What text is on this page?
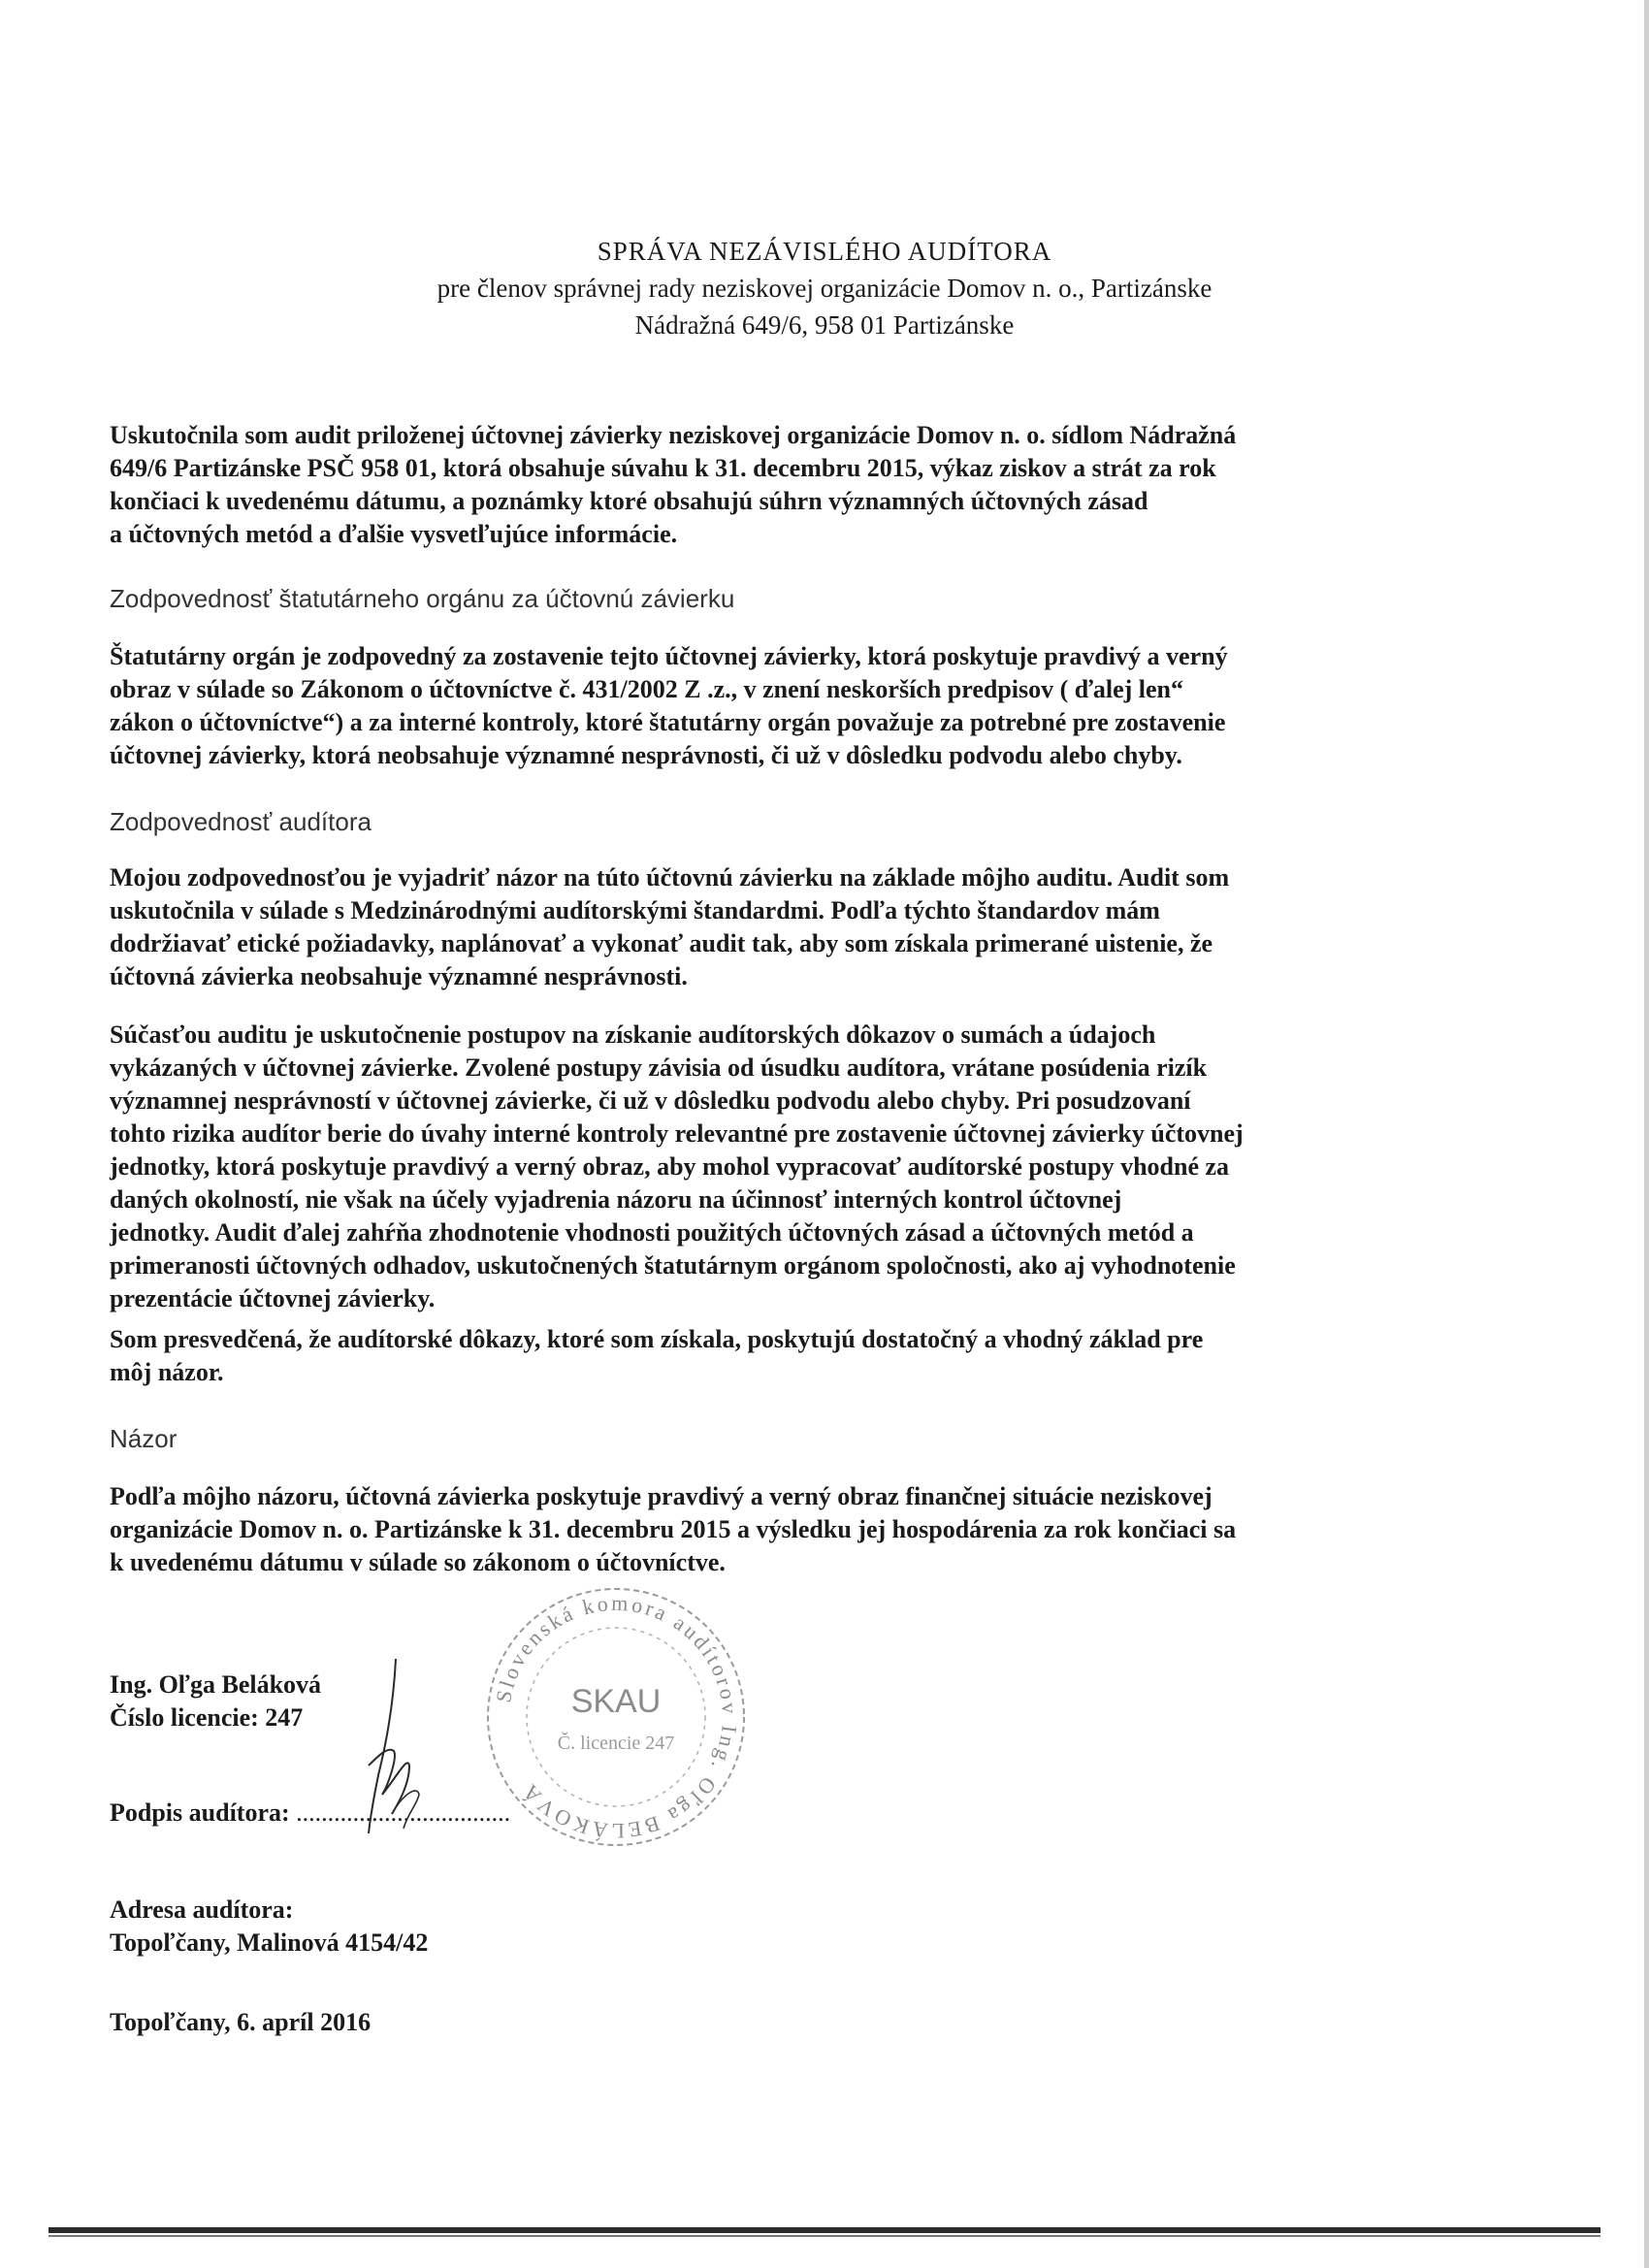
SPRÁVA NEZÁVISLÉHO AUDÍTORA
pre členov správnej rady neziskovej organizácie Domov n. o., Partizánske
Nádražná 649/6, 958 01 Partizánske
Uskutočnila som audit priloženej účtovnej závierky neziskovej organizácie Domov n. o. sídlom Nádražná
649/6 Partizánske PSČ 958 01, ktorá obsahuje súvahu k 31. decembru 2015, výkaz ziskov a strát za rok
končiaci k uvedenému dátumu, a poznámky ktoré obsahujú súhrn významných účtovných zásad
a účtovných metód a ďalšie vysvetľujúce informácie.
Zodpovednosť štatutárneho orgánu za účtovnú závierku
Štatutárny orgán je zodpovedný za zostavenie tejto účtovnej závierky, ktorá poskytuje pravdivý a verný
obraz v súlade so Zákonom o účtovníctve č. 431/2002 Z .z., v znení neskorších predpisov ( ďalej len“
zákon o účtovníctve“) a za interné kontroly, ktoré štatutárny orgán považuje za potrebné pre zostavenie
účtovnej závierky, ktorá neobsahuje významné nesprávnosti, či už v dôsledku podvodu alebo chyby.
Zodpovednosť audítora
Mojou zodpovednosťou je vyjadriť názor na túto účtovnú závierku na základe môjho auditu. Audit som
uskutočnila v súlade s Medzinárodnými audítorskými štandardmi. Podľa týchto štandardov mám
dodržiavať etické požiadavky, naplánovať a vykonať audit tak, aby som získala primerané uistenie, že
účtovná závierka neobsahuje významné nesprávnosti.
Súčasťou auditu je uskutočnenie postupov na získanie audítorských dôkazov o sumách a údajoch
vykázaných v účtovnej závierke. Zvolené postupy závisia od úsudku audítora, vrátane posúdenia rizík
významnej nesprávností v účtovnej závierke, či už v dôsledku podvodu alebo chyby. Pri posudzovaní
tohto rizika audítor berie do úvahy interné kontroly relevantné pre zostavenie účtovnej závierky účtovnej
jednotky, ktorá poskytuje pravdivý a verný obraz, aby mohol vypracovať audítorské postupy vhodné za
daných okolností, nie však na účely vyjadrenia názoru na účinnosť interných kontrol účtovnej
jednotky. Audit ďalej zahŕňa zhodnotenie vhodnosti použitých účtovných zásad a účtovných metód a
primeranosti účtovných odhadov, uskutočnených štatutárnym orgánom spoločnosti, ako aj vyhodnotenie
prezentácie účtovnej závierky.
Som presvedčená, že audítorské dôkazy, ktoré som získala, poskytujú dostatočný a vhodný základ pre
môj názor.
Názor
Podľa môjho názoru, účtovná závierka poskytuje pravdivý a verný obraz finančnej situácie neziskovej
organizácie Domov n. o. Partizánske k 31. decembru 2015 a výsledku jej hospodárenia za rok končiaci sa
k uvedenému dátumu v súlade so zákonom o účtovníctve.
Ing. Oľga Beláková
Číslo licencie: 247
Podpis audítora: ..................................
Adresa audítora:
Topoľčany, Malinová 4154/42
Topoľčany, 6. apríl 2016
Slovenská komora audítorov Ing. Oľga BELÁKOVÁ
SKAU
Č. licencie 247
